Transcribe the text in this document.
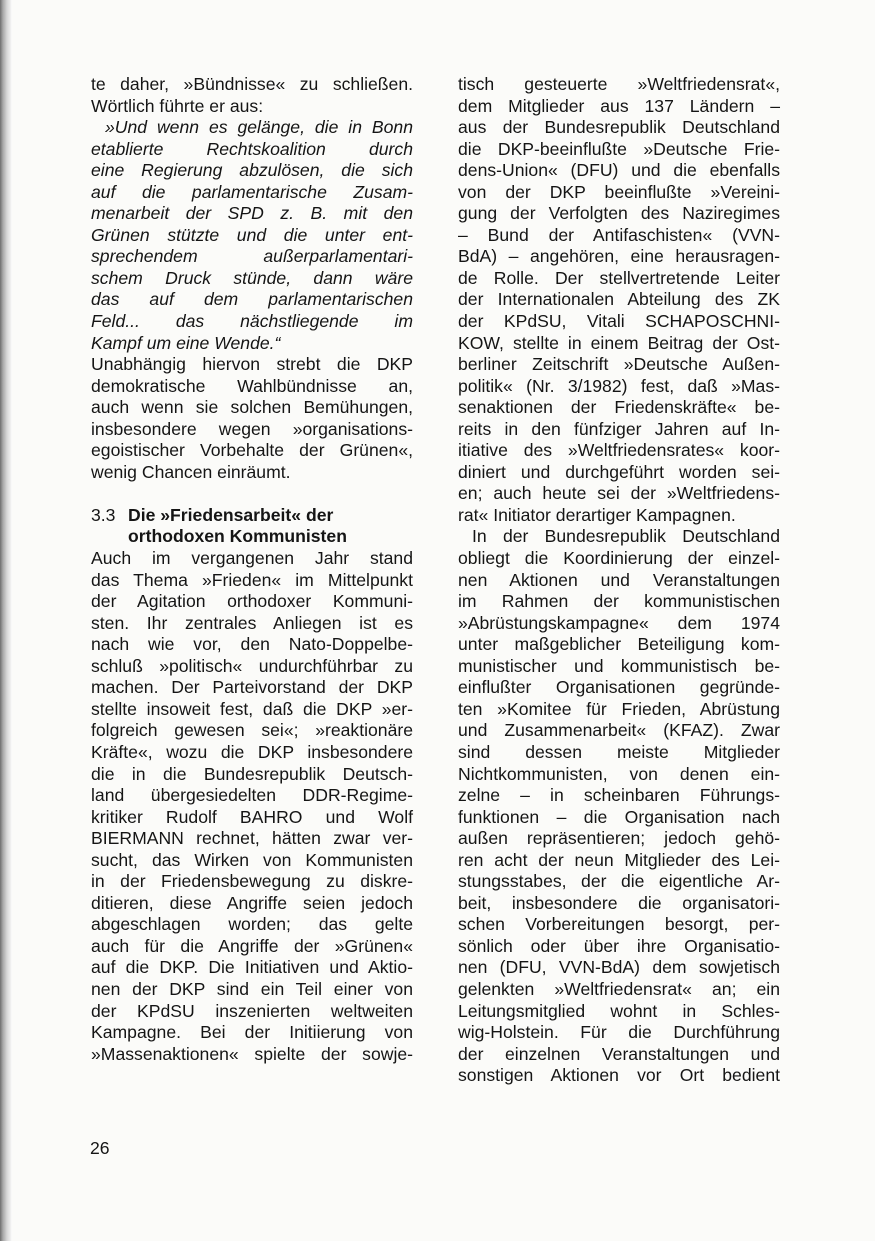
te daher, »Bündnisse« zu schließen.
Wörtlich führte er aus:
»Und wenn es gelänge, die in Bonn
etablierte Rechtskoalition durch
eine Regierung abzulösen, die sich
auf die parlamentarische Zusam-
menarbeit der SPD z. B. mit den
Grünen stützte und die unter ent-
sprechendem außerparlamentari-
schem Druck stünde, dann wäre
das auf dem parlamentarischen
Feld... das nächstliegende im
Kampf um eine Wende.“
Unabhängig hiervon strebt die DKP
demokratische Wahlbündnisse an,
auch wenn sie solchen Bemühungen,
insbesondere wegen »organisations-
egoistischer Vorbehalte der Grünen«,
wenig Chancen einräumt.
3.3 Die »Friedensarbeit« der
orthodoxen Kommunisten
Auch im vergangenen Jahr stand
das Thema »Frieden« im Mittelpunkt
der Agitation orthodoxer Kommuni-
sten. Ihr zentrales Anliegen ist es
nach wie vor, den Nato-Doppelbe-
schluß »politisch« undurchführbar zu
machen. Der Parteivorstand der DKP
stellte insoweit fest, daß die DKP »er-
folgreich gewesen sei«; »reaktionäre
Kräfte«, wozu die DKP insbesondere
die in die Bundesrepublik Deutsch-
land übergesiedelten DDR-Regime-
kritiker Rudolf BAHRO und Wolf
BIERMANN rechnet, hätten zwar ver-
sucht, das Wirken von Kommunisten
in der Friedensbewegung zu diskre-
ditieren, diese Angriffe seien jedoch
abgeschlagen worden; das gelte
auch für die Angriffe der »Grünen«
auf die DKP. Die Initiativen und Aktio-
nen der DKP sind ein Teil einer von
der KPdSU inszenierten weltweiten
Kampagne. Bei der Initiierung von
»Massenaktionen« spielte der sowje-
tisch gesteuerte »Weltfriedensrat«,
dem Mitglieder aus 137 Ländern –
aus der Bundesrepublik Deutschland
die DKP-beeinflußte »Deutsche Frie-
dens-Union« (DFU) und die ebenfalls
von der DKP beeinflußte »Vereini-
gung der Verfolgten des Naziregimes
– Bund der Antifaschisten« (VVN-
BdA) – angehören, eine herausragen-
de Rolle. Der stellvertretende Leiter
der Internationalen Abteilung des ZK
der KPdSU, Vitali SCHAPOSCHNI-
KOW, stellte in einem Beitrag der Ost-
berliner Zeitschrift »Deutsche Außen-
politik« (Nr. 3/1982) fest, daß »Mas-
senaktionen der Friedenskräfte« be-
reits in den fünfziger Jahren auf In-
itiative des »Weltfriedensrates« koor-
diniert und durchgeführt worden sei-
en; auch heute sei der »Weltfriedens-
rat« Initiator derartiger Kampagnen.
In der Bundesrepublik Deutschland
obliegt die Koordinierung der einzel-
nen Aktionen und Veranstaltungen
im Rahmen der kommunistischen
»Abrüstungskampagne« dem 1974
unter maßgeblicher Beteiligung kom-
munistischer und kommunistisch be-
einflußter Organisationen gegründe-
ten »Komitee für Frieden, Abrüstung
und Zusammenarbeit« (KFAZ). Zwar
sind dessen meiste Mitglieder
Nichtkommunisten, von denen ein-
zelne – in scheinbaren Führungs-
funktionen – die Organisation nach
außen repräsentieren; jedoch gehö-
ren acht der neun Mitglieder des Lei-
stungsstabes, der die eigentliche Ar-
beit, insbesondere die organisatori-
schen Vorbereitungen besorgt, per-
sönlich oder über ihre Organisatio-
nen (DFU, VVN-BdA) dem sowjetisch
gelenkten »Weltfriedensrat« an; ein
Leitungsmitglied wohnt in Schles-
wig-Holstein. Für die Durchführung
der einzelnen Veranstaltungen und
sonstigen Aktionen vor Ort bedient
26
